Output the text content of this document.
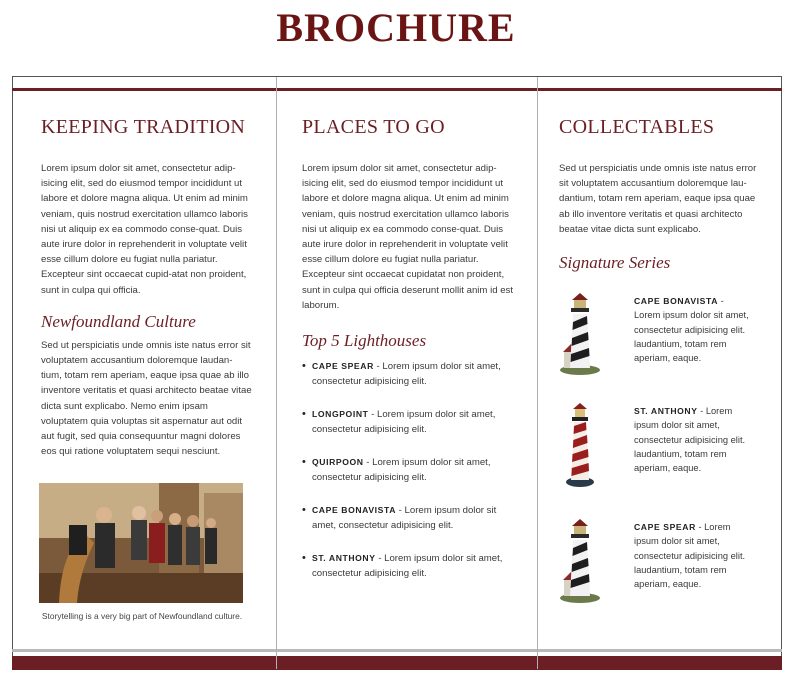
BROCHURE
KEEPING TRADITION

Lorem ipsum dolor sit amet, consectetur adip-isicing elit, sed do eiusmod tempor incididunt ut labore et dolore magna aliqua. Ut enim ad minim veniam, quis nostrud exercitation ullamco laboris nisi ut aliquip ex ea commodo conse-quat. Duis aute irure dolor in reprehenderit in voluptate velit esse cillum dolore eu fugiat nulla pariatur. Excepteur sint occaecat cupid-atat non proident, sunt in culpa qui officia.

Newfoundland Culture

Sed ut perspiciatis unde omnis iste natus error sit voluptatem accusantium doloremque laudan-tium, totam rem aperiam, eaque ipsa quae ab illo inventore veritatis et quasi architecto beatae vitae dicta sunt explicabo. Nemo enim ipsam voluptatem quia voluptas sit aspernatur aut odit aut fugit, sed quia consequuntur magni dolores eos qui ratione voluptatem sequi nesciunt.

Storytelling is a very big part of Newfoundland culture.
PLACES TO GO

Lorem ipsum dolor sit amet, consectetur adip-isicing elit, sed do eiusmod tempor incididunt ut labore et dolore magna aliqua. Ut enim ad minim veniam, quis nostrud exercitation ullamco laboris nisi ut aliquip ex ea commodo conse-quat. Duis aute irure dolor in reprehenderit in voluptate velit esse cillum dolore eu fugiat nulla pariatur. Excepteur sint occaecat cupidatat non proident, sunt in culpa qui officia deserunt mollit anim id est laborum.

Top 5 Lighthouses
• CAPE SPEAR - Lorem ipsum dolor sit amet, consectetur adipisicing elit.
• LONGPOINT - Lorem ipsum dolor sit amet, consectetur adipisicing elit.
• QUIRPOON - Lorem ipsum dolor sit amet, consectetur adipisicing elit.
• CAPE BONAVISTA - Lorem ipsum dolor sit amet, consectetur adipisicing elit.
• ST. ANTHONY - Lorem ipsum dolor sit amet, consectetur adipisicing elit.
COLLECTABLES

Sed ut perspiciatis unde omnis iste natus error sit voluptatem accusantium doloremque lau-dantium, totam rem aperiam, eaque ipsa quae ab illo inventore veritatis et quasi architecto beatae vitae dicta sunt explicabo.

Signature Series
CAPE BONAVISTA - Lorem ipsum dolor sit amet, consectetur adipisicing elit. laudantium, totam rem aperiam, eaque.
ST. ANTHONY - Lorem ipsum dolor sit amet, consectetur adipisicing elit. laudantium, totam rem aperiam, eaque.
CAPE SPEAR - Lorem ipsum dolor sit amet, consectetur adipisicing elit. laudantium, totam rem aperiam, eaque.
